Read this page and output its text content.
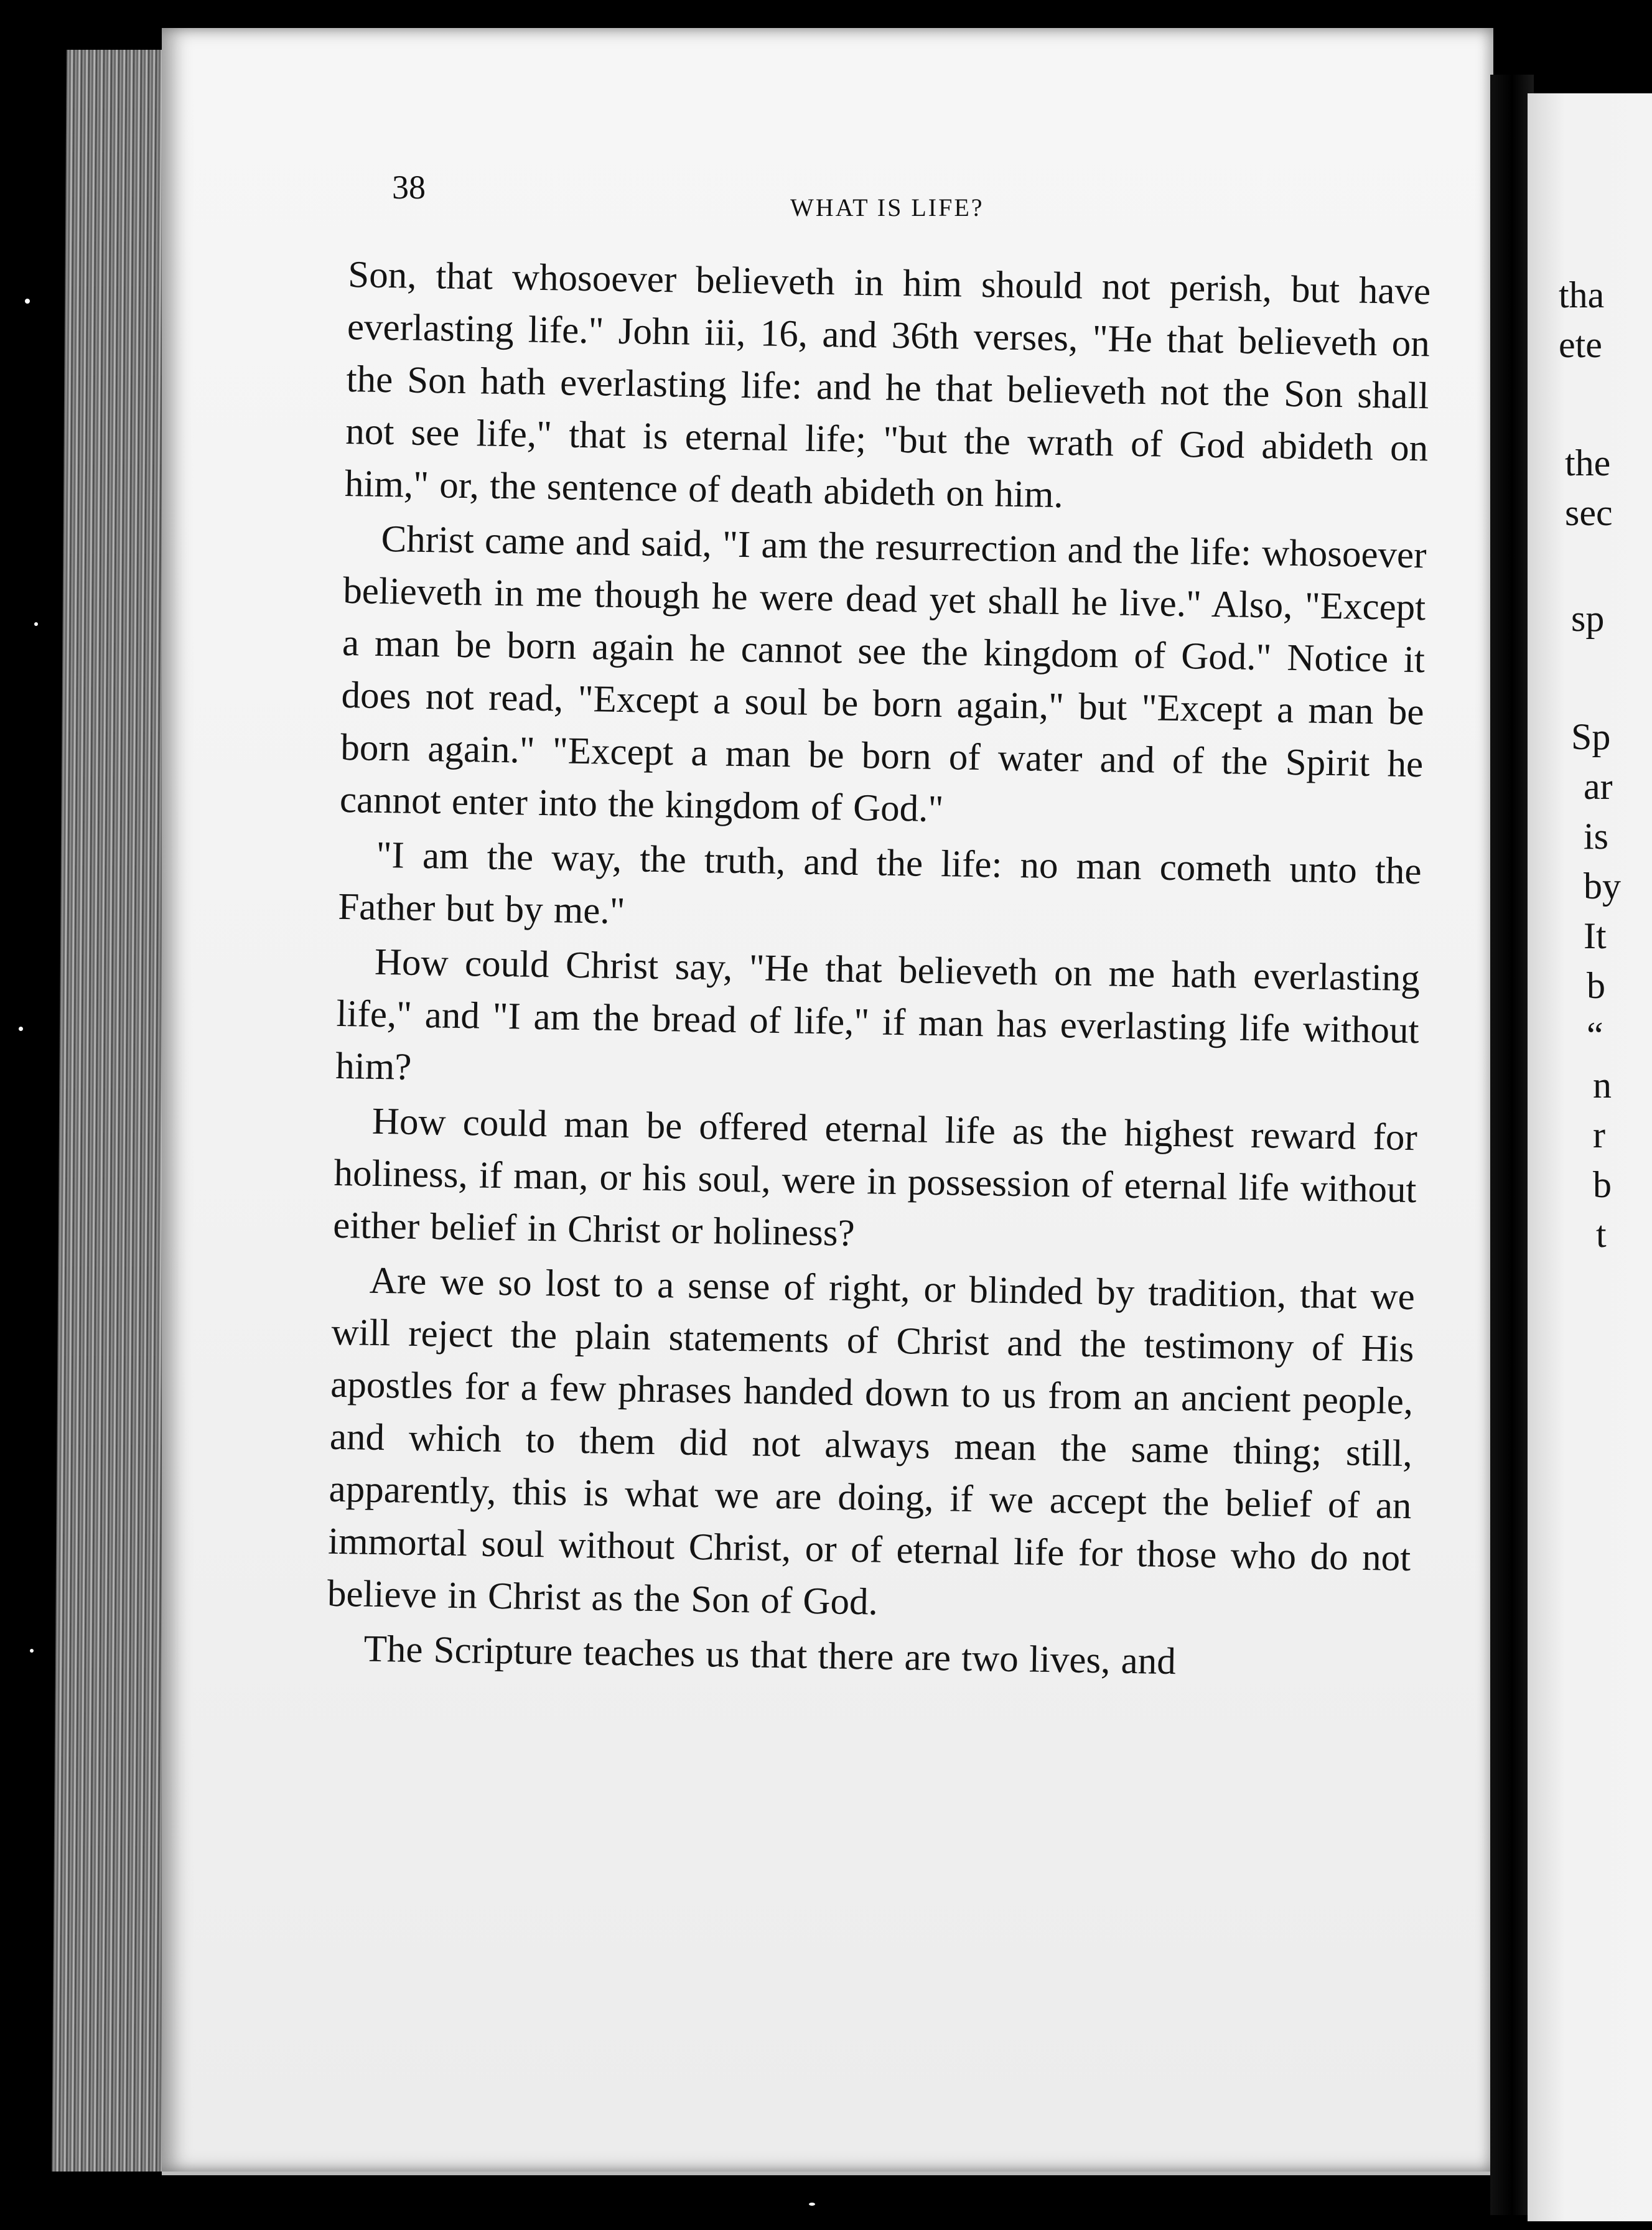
38
WHAT IS LIFE?

Son, that whosoever believeth in him should not perish, but have everlasting life." John iii, 16, and 36th verses, "He that believeth on the Son hath everlasting life: and he that believeth not the Son shall not see life," that is eternal life; "but the wrath of God abideth on him," or, the sentence of death abideth on him.

Christ came and said, "I am the resurrection and the life: whosoever believeth in me though he were dead yet shall he live." Also, "Except a man be born again he cannot see the kingdom of God." Notice it does not read, "Except a soul be born again," but "Except a man be born again." "Except a man be born of water and of the Spirit he cannot enter into the kingdom of God."

"I am the way, the truth, and the life: no man cometh unto the Father but by me."

How could Christ say, "He that believeth on me hath everlasting life," and "I am the bread of life," if man has everlasting life without him?

How could man be offered eternal life as the highest reward for holiness, if man, or his soul, were in possession of eternal life without either belief in Christ or holiness?

Are we so lost to a sense of right, or blinded by tradition, that we will reject the plain statements of Christ and the testimony of His apostles for a few phrases handed down to us from an ancient people, and which to them did not always mean the same thing; still, apparently, this is what we are doing, if we accept the belief of an immortal soul without Christ, or of eternal life for those who do not believe in Christ as the Son of God.

The Scripture teaches us that there are two lives, and

tha
ete
the
sec
sp
Sp
ar
is
by
It
b
“
n
r
b
t
